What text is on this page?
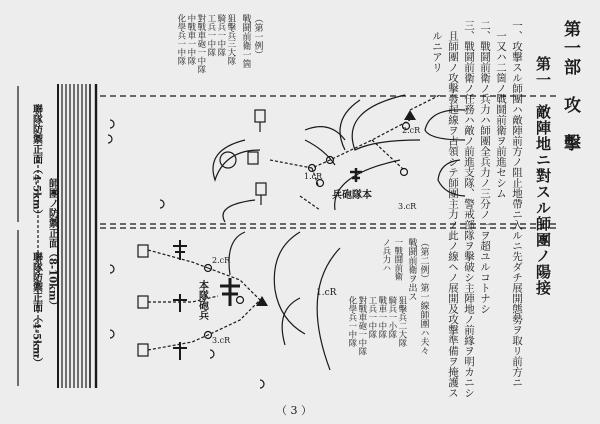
第一部　攻　擊
第一　敵陣地ニ對スル師團ノ陽接
一、攻擊スル師團ハ敵陣前方ノ阻止地帶ニ入ルニ先ダチ展開態勢ヲ取リ前方ニ
　一又ハ二箇ノ戰鬪前衛ヲ前進セシム
二、戰鬪前衛ノ兵力ハ師團全兵力ノ三分ノ一ヲ超ユルコトナシ
三、戰鬪前衛ノ任務ハ敵ノ前進支隊、警戒部隊ヲ擊破シ主陣地ノ前緣ヲ明カニシ
　且師團ノ攻擊發起線ヲ占領シテ師團主力ノ此ノ線ヘノ展開及攻擊準備ヲ掩護ス
　ルニアリ
（第一例）
戰鬪前衛一箇
狙擊兵三大隊
騎兵一中隊
工兵一中隊
對戰車砲一中隊
中戰車一中隊
化學兵一中隊
（第二例）第一線師團ハ夫々
戰鬪前衛ヲ出ス
一戰鬪前衛
ノ兵力ハ
狙擊兵二大隊
騎兵一小隊
戰車一中隊
工兵一中隊
對戰車砲一中隊
化學兵一中隊
聯隊防禦正面（4-5km）
師團ノ防禦正面（8-10km）
聯隊防禦正面（4-5km）
兵砲隊本
本隊砲兵
1.cR
2.cR
3.cR
2.cR
3.cR
1.cR
（ 3 ）
